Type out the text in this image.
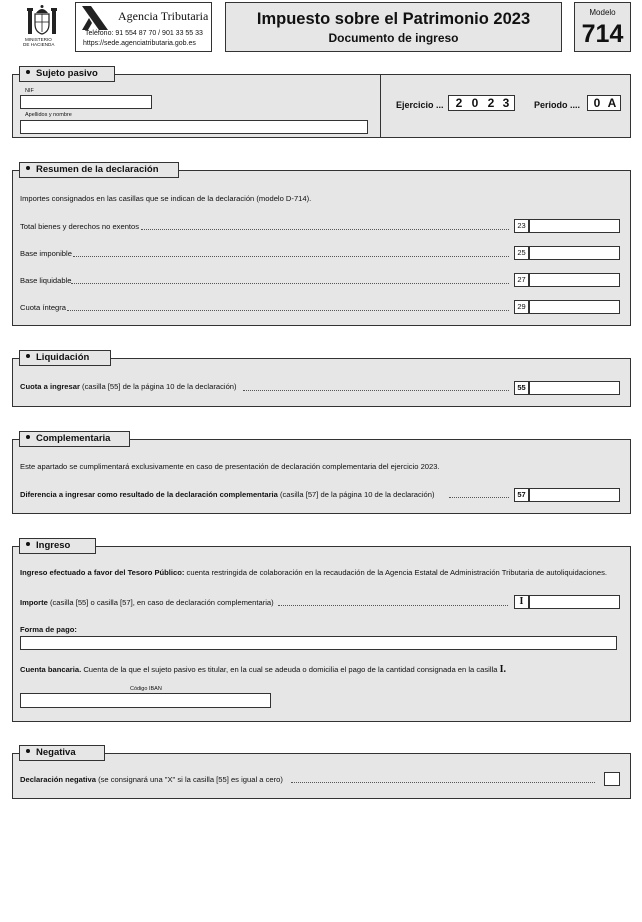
MINISTERIO
DE HACIENDA
Agencia Tributaria
Teléfono: 91 554 87 70 / 901 33 55 33
https://sede.agenciatributaria.gob.es
Impuesto sobre el Patrimonio 2023
Documento de ingreso
Modelo
714
NIF
Apellidos y nombre
Ejercicio ...	2 0 2 3	Periodo ....	0 A
Sujeto pasivo
Importes consignados en las casillas que se indican de la declaración (modelo D-714).
Total bienes y derechos no exentos	23
Base imponible	25
Base liquidable	27
Cuota íntegra	29
Resumen de la declaración
Cuota a ingresar (casilla [55] de la página 10 de la declaración)	55
Liquidación
Este apartado se cumplimentará exclusivamente en caso de presentación de declaración complementaria del ejercicio 2023.
Diferencia a ingresar como resultado de la declaración complementaria (casilla [57] de la página 10 de la declaración)	57
Complementaria
Ingreso efectuado a favor del Tesoro Público: cuenta restringida de colaboración en la recaudación de la Agencia Estatal de Administración Tributaria de autoliquidaciones.
Importe (casilla [55] o casilla [57], en caso de declaración complementaria)	I
Forma de pago:
Cuenta bancaria. Cuenta de la que el sujeto pasivo es titular, en la cual se adeuda o domicilia el pago de la cantidad consignada en la casilla I.
Código IBAN
Ingreso
Declaración negativa (se consignará una "X" si la casilla [55] es igual a cero)
Negativa
